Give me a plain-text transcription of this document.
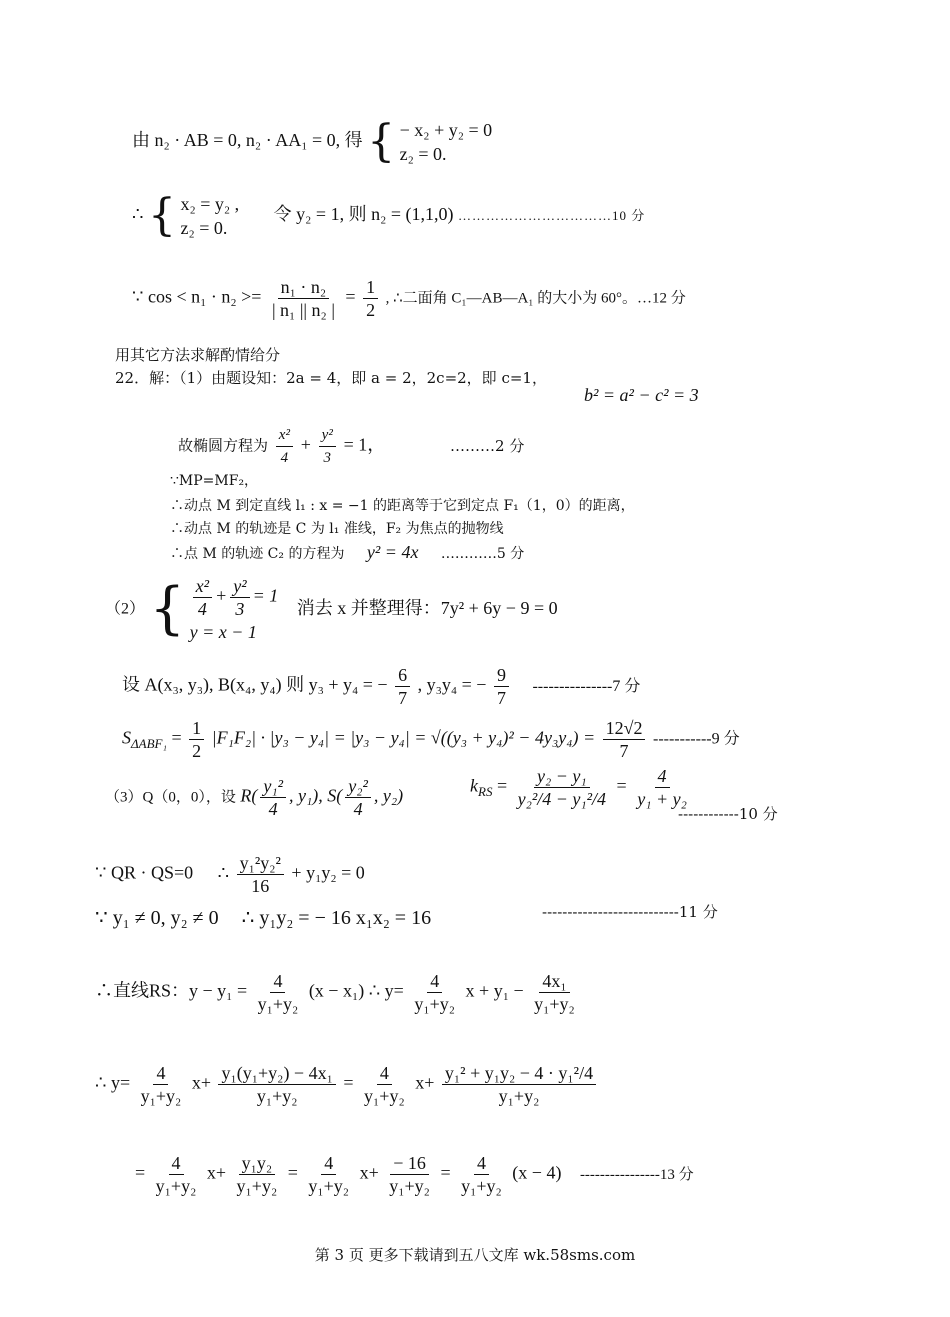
由 n₂ · AB = 0, n₂ · AA₁ = 0, 得 { − x₂ + y₂ = 0
z₂ = 0.
∴ { x₂ = y₂ ,
z₂ = 0.
令 y₂ = 1, 则 n₂ = (1,1,0) ……………………………10 分
∵ $\cos < n_1 \cdot n_2 >= \frac{\text{n₁ · n₂}}{\text{| n₁ || n₂ |}} = \frac{1}{2}$ , ∴二面角 C₁—AB—A₁ 的大小为 60°。…12 分
用其它方法求解酌情给分
22．解：（1）由题设知：2a = 4，即 a = 2，2c=2，即 c=1，
b² = a² − c² = 3
故椭圆方程为 $\frac{\text{x²}}{4} + \frac{\text{y²}}{3} = 1$，	………2 分
∵MP=MF₂，
∴动点 M 到定直线 l₁ : x = −1 的距离等于它到定点 F₁（1，0）的距离，
∴动点 M 的轨迹是 C 为 l₁ 准线，F₂ 为焦点的抛物线
∴点 M 的轨迹 C₂ 的方程为 y² = 4x …………5 分
（2） { $\frac{\text{x²}}{4} + \frac{\text{y²}}{3} = 1$
y = x − 1
消去 x 并整理得：7y² + 6y − 9 = 0
设 A(x₃, y₃), B(x₄, y₄) 则 y₃ + y₄ = − $\frac{6}{7}$ , y₃y₄ = − $\frac{9}{7} ---------------7$ 分
$S_{\Delta ABF_1} = \frac{1}{2} |F_1F_2| \cdot |y_3 - y_4| = |y_3 - y_4| = √((y_3 + y_4)^2 - 4y_3y_4) = \frac{12√2}{7} -----------9$ 分
（3）Q（0，0），设 $R( \frac{\text{y₁²}}{4}$ , y₁), $S( \frac{\text{y₂²}}{4}$ , y₂)	$k_{RS} = \frac{\text{y₂ − y₁}}{\text{y₂²/4 − y₁²/4}} = \frac{4}{\text{y₁ + y₂}}$
------------10 分
∵ QR · QS=0 ∴ $\frac{\text{y₁²y₂²}}{16} + y_1y_2 = 0$
∵ y₁ ≠ 0, y₂ ≠ 0 ∴ y₁y₂ = − 16 x₁x₂ = 16	---------------------------11 分
∴直线RS：$y - y_1 = \frac{4}{\text{y₁+y₂}} (x - x_1)$ ∴ $y= \frac{4}{\text{y₁+y₂}}$ $x + y_1 - \frac{\text{4x₁}}{\text{y₁+y₂}}$
∴ $y= \frac{4}{\text{y₁+y₂}} x+ \frac{\text{y₁(y₁+y₂) − 4x₁}}{\text{y₁+y₂}} = \frac{4}{\text{y₁+y₂}} x+ \frac{\text{y₁² + y₁y₂ − 4 · y₁²/4}}{\text{y₁+y₂}}$
= $\frac{4}{\text{y₁+y₂}} x+ \frac{\text{y₁y₂}}{\text{y₁+y₂}} = \frac{4}{\text{y₁+y₂}} x+ \frac{- 16}{\text{y₁+y₂}} = \frac{4}{\text{y₁+y₂}} (x - 4)$ ----------------13 分
第 3 页 更多下载请到五八文库 wk.58sms.com
